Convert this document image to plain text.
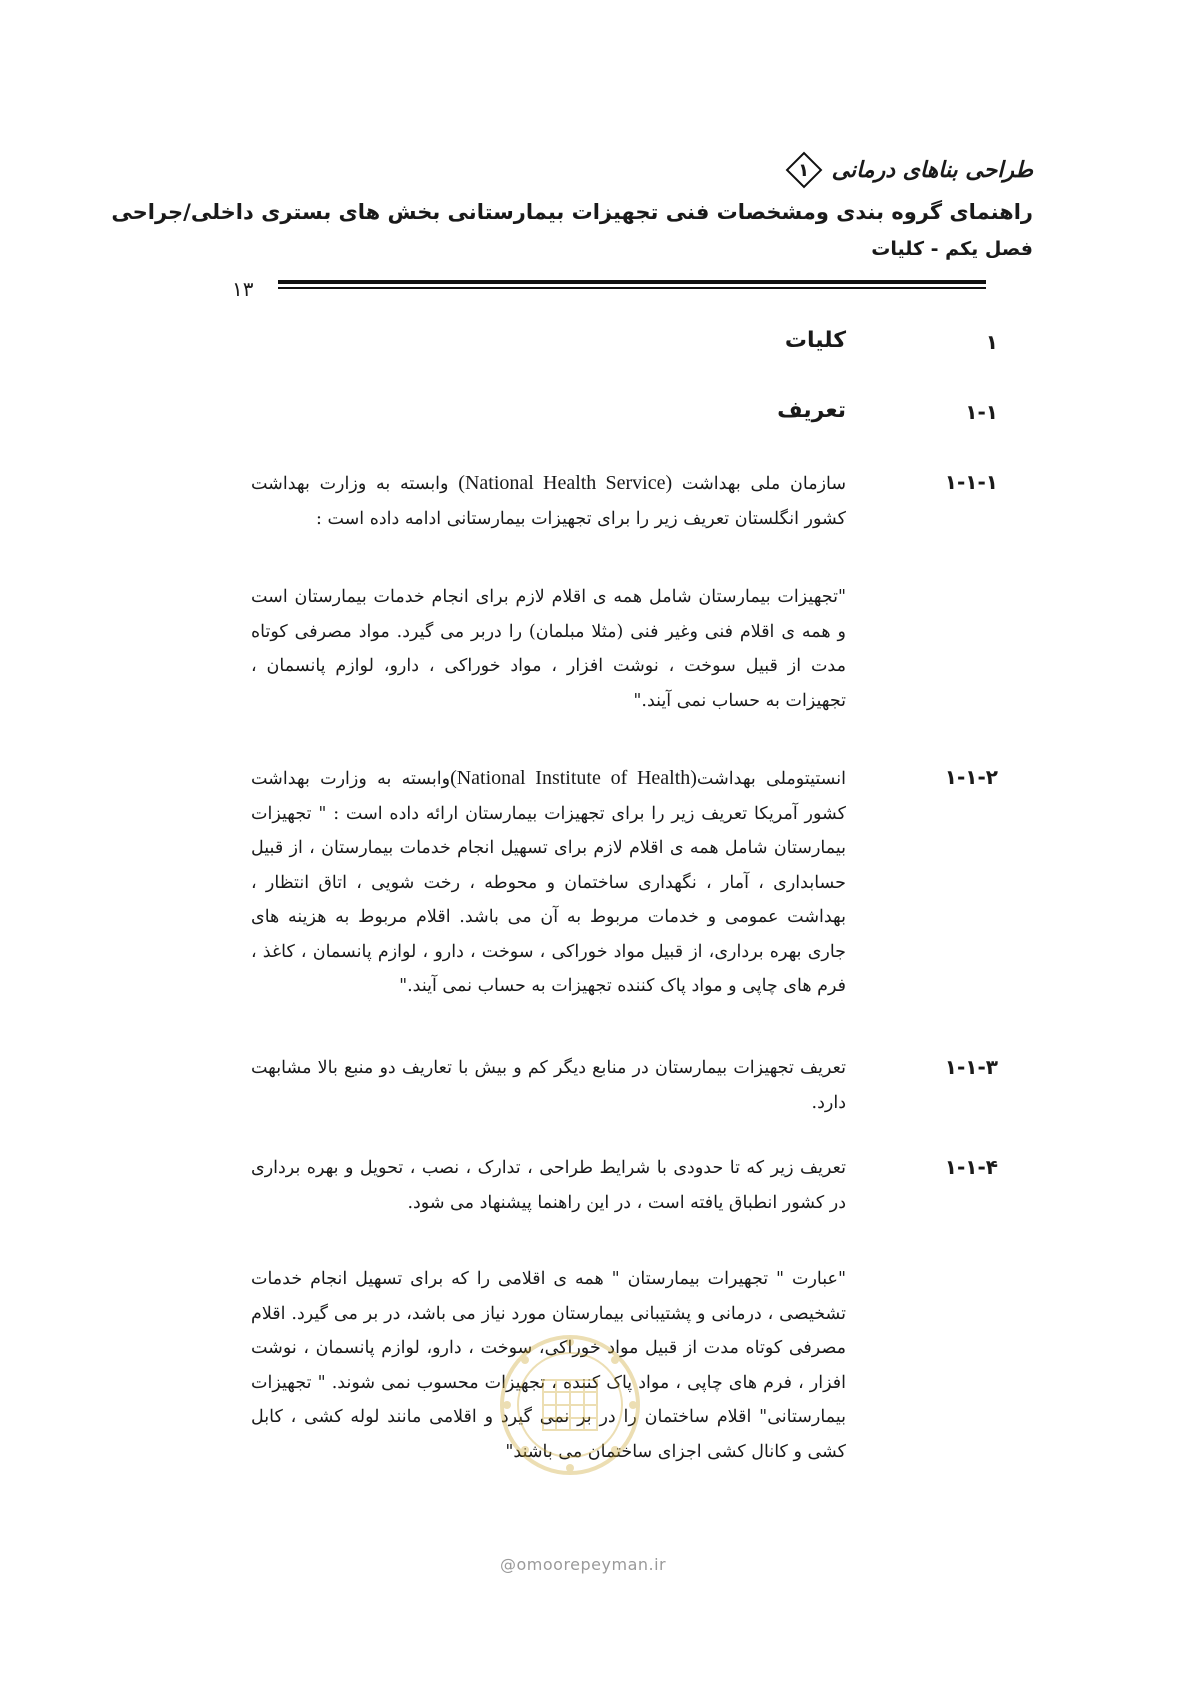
طراحی بناهای درمانی
۱
راهنمای گروه بندی ومشخصات فنی تجهیزات بیمارستانی بخش های بستری داخلی/جراحی
فصل یکم - کلیات
۱۳
۱
کلیات
۱-۱
تعریف
۱-۱-۱
سازمان ملی بهداشت (National Health Service) وابسته به وزارت بهداشت کشور انگلستان تعریف زیر را برای تجهیزات بیمارستانی ادامه داده است :
"تجهیزات بیمارستان شامل همه ی اقلام لازم برای انجام خدمات بیمارستان است و همه ی اقلام فنی وغیر فنی (مثلا مبلمان) را دربر می گیرد. مواد مصرفی کوتاه مدت از قبیل سوخت ، نوشت افزار ، مواد خوراکی ، دارو، لوازم پانسمان ، تجهیزات به حساب نمی آیند."
۱-۱-۲
انستیتوملی بهداشت(National Institute of Health)وابسته به وزارت بهداشت کشور آمریکا تعریف زیر را برای تجهیزات بیمارستان ارائه داده است : " تجهیزات بیمارستان شامل همه ی اقلام لازم برای تسهیل انجام خدمات بیمارستان ، از قبیل حسابداری ، آمار ، نگهداری ساختمان و محوطه ، رخت شویی ، اتاق انتظار ، بهداشت عمومی و خدمات مربوط به آن می باشد. اقلام مربوط به هزینه های جاری بهره برداری، از قبیل مواد خوراکی ، سوخت ، دارو ، لوازم پانسمان ، کاغذ ، فرم های چاپی و مواد پاک کننده تجهیزات به حساب نمی آیند."
۱-۱-۳
تعریف تجهیزات بیمارستان در منابع دیگر کم و بیش با تعاریف دو منبع بالا مشابهت دارد.
۱-۱-۴
تعریف زیر که تا حدودی با شرایط طراحی ، تدارک ، نصب ، تحویل و بهره برداری در کشور انطباق یافته است ، در این راهنما پیشنهاد می شود.
"عبارت " تجهیرات بیمارستان " همه ی اقلامی را که برای تسهیل انجام خدمات تشخیصی ، درمانی و پشتیبانی بیمارستان مورد نیاز می باشد، در بر می گیرد. اقلام مصرفی کوتاه مدت از قبیل مواد خوراکی، سوخت ، دارو، لوازم پانسمان ، نوشت افزار ، فرم های چاپی ، مواد پاک کننده ، تجهیزات محسوب نمی شوند. " تجهیزات بیمارستانی" اقلام ساختمان را در بر نمی گیرد و اقلامی مانند لوله کشی ، کابل کشی و کانال کشی اجزای ساختمان می باشند"
@omoorepeyman.ir
